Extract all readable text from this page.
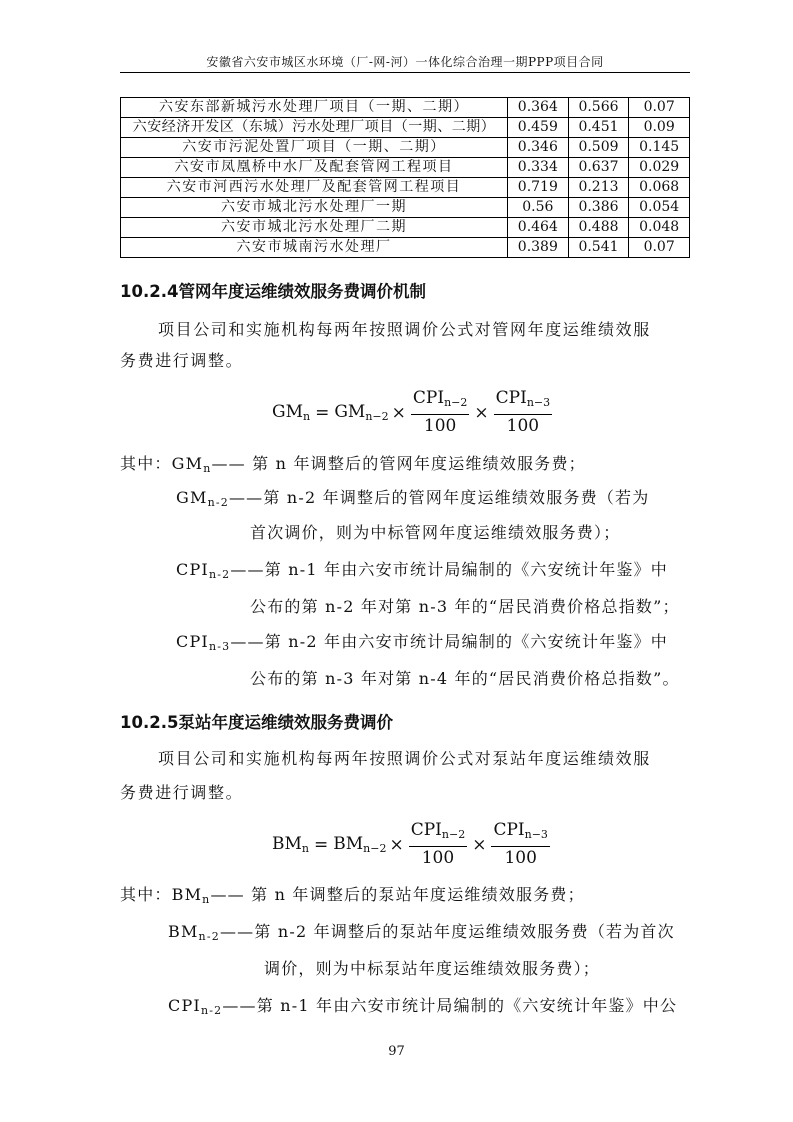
安徽省六安市城区水环境（厂-网-河）一体化综合治理一期PPP项目合同
六安东部新城污水处理厂项目（一期、二期）	0.364	0.566	0.07
六安经济开发区（东城）污水处理厂项目（一期、二期）	0.459	0.451	0.09
六安市污泥处置厂项目（一期、二期）	0.346	0.509	0.145
六安市凤凰桥中水厂及配套管网工程项目	0.334	0.637	0.029
六安市河西污水处理厂及配套管网工程项目	0.719	0.213	0.068
六安市城北污水处理厂一期	0.56	0.386	0.054
六安市城北污水处理厂二期	0.464	0.488	0.048
六安市城南污水处理厂	0.389	0.541	0.07
10.2.4管网年度运维绩效服务费调价机制
项目公司和实施机构每两年按照调价公式对管网年度运维绩效服
务费进行调整。
$GM_n = GM_{n-2} \times \frac{CPI_{n-2}}{100} \times \frac{CPI_{n-3}}{100}$
其中：$GM_n——$ 第 n 年调整后的管网年度运维绩效服务费；
$GM_{n-2}——$第 n-2 年调整后的管网年度运维绩效服务费（若为
首次调价，则为中标管网年度运维绩效服务费）；
$CPI_{n-2}——$第 n-1 年由六安市统计局编制的《六安统计年鉴》中
公布的第 n-2 年对第 n-3 年的“居民消费价格总指数”；
$CPI_{n-3}——$第 n-2 年由六安市统计局编制的《六安统计年鉴》中
公布的第 n-3 年对第 n-4 年的“居民消费价格总指数”。
10.2.5泵站年度运维绩效服务费调价
项目公司和实施机构每两年按照调价公式对泵站年度运维绩效服
务费进行调整。
$BM_n = BM_{n-2} \times \frac{CPI_{n-2}}{100} \times \frac{CPI_{n-3}}{100}$
其中：$BM_n——$ 第 n 年调整后的泵站年度运维绩效服务费；
$BM_{n-2}——$第 n-2 年调整后的泵站年度运维绩效服务费（若为首次
调价，则为中标泵站年度运维绩效服务费）；
$CPI_{n-2}——$第 n-1 年由六安市统计局编制的《六安统计年鉴》中公
97
